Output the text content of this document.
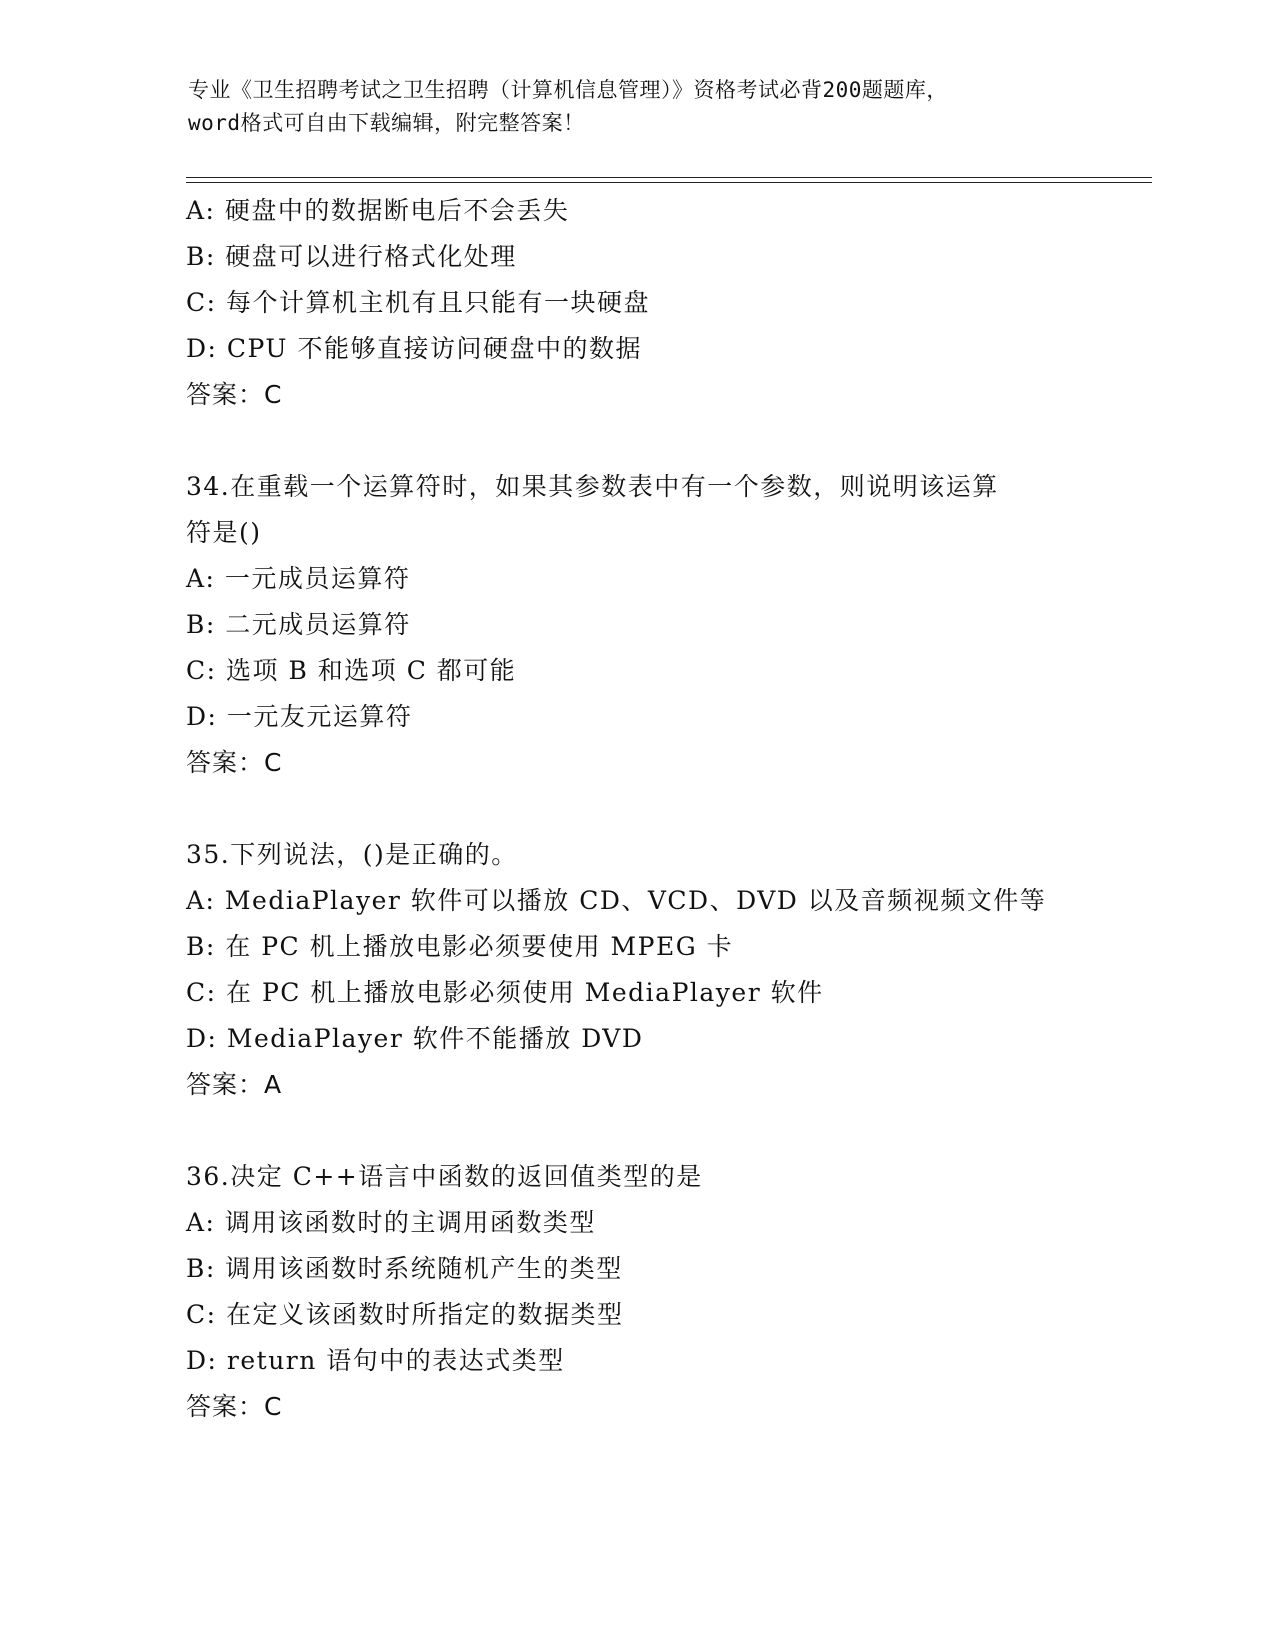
专业《卫生招聘考试之卫生招聘（计算机信息管理）》资格考试必背200题题库，
word格式可自由下载编辑，附完整答案！
A: 硬盘中的数据断电后不会丢失
B: 硬盘可以进行格式化处理
C: 每个计算机主机有且只能有一块硬盘
D: CPU 不能够直接访问硬盘中的数据
答案：C
34.在重载一个运算符时，如果其参数表中有一个参数，则说明该运算
符是()
A: 一元成员运算符
B: 二元成员运算符
C: 选项 B 和选项 C 都可能
D: 一元友元运算符
答案：C
35.下列说法，()是正确的。
A: MediaPlayer 软件可以播放 CD、VCD、DVD 以及音频视频文件等
B: 在 PC 机上播放电影必须要使用 MPEG 卡
C: 在 PC 机上播放电影必须使用 MediaPlayer 软件
D: MediaPlayer 软件不能播放 DVD
答案：A
36.决定 C++语言中函数的返回值类型的是
A: 调用该函数时的主调用函数类型
B: 调用该函数时系统随机产生的类型
C: 在定义该函数时所指定的数据类型
D: return 语句中的表达式类型
答案：C
